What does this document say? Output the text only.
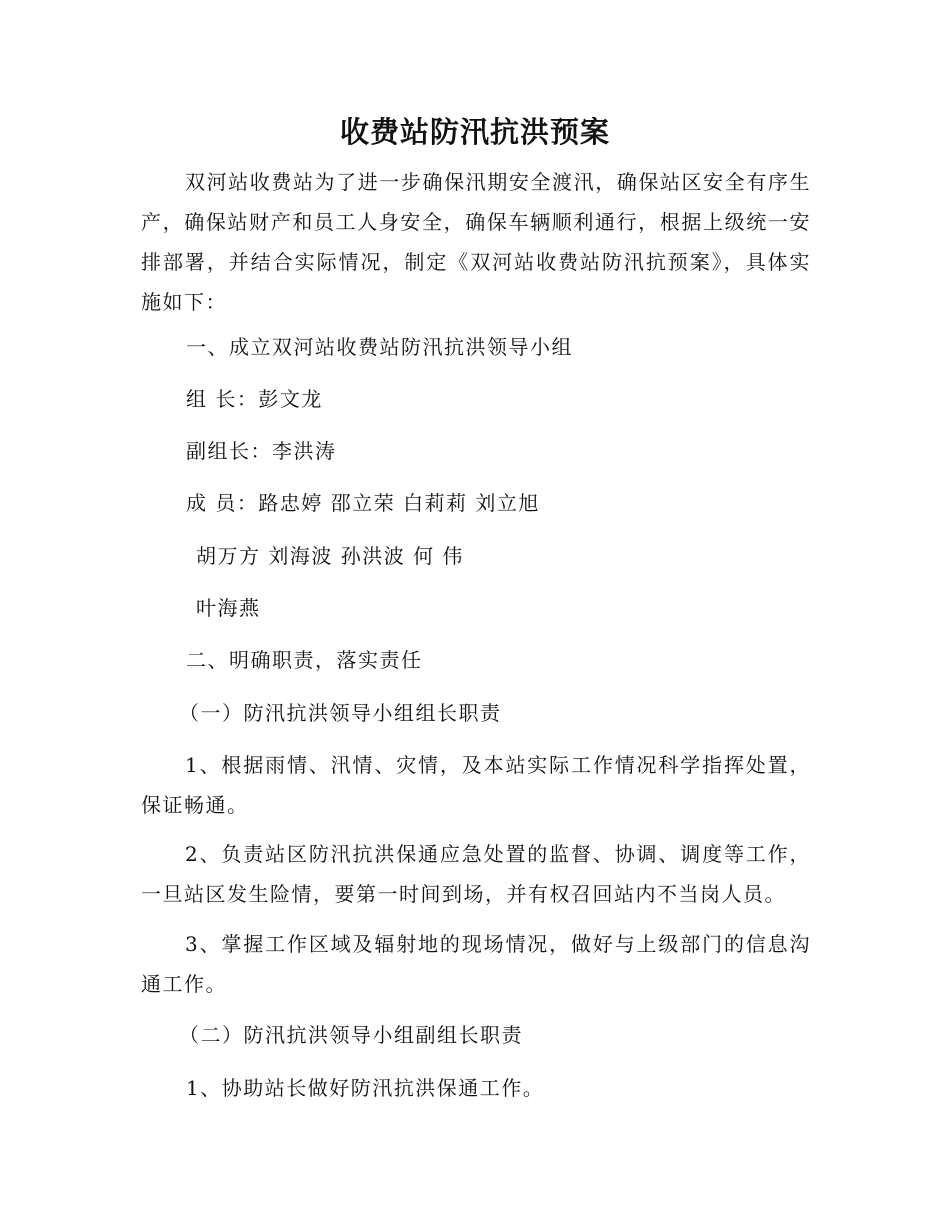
收费站防汛抗洪预案

双河站收费站为了进一步确保汛期安全渡汛，确保站区安全有序生产，确保站财产和员工人身安全，确保车辆顺利通行，根据上级统一安排部署，并结合实际情况，制定《双河站收费站防汛抗预案》，具体实施如下：

一、成立双河站收费站防汛抗洪领导小组

组 长：彭文龙

副组长：李洪涛

成 员：路忠婷 邵立荣 白莉莉 刘立旭

胡万方 刘海波 孙洪波 何 伟

叶海燕

二、明确职责，落实责任

（一）防汛抗洪领导小组组长职责

1、根据雨情、汛情、灾情，及本站实际工作情况科学指挥处置，保证畅通。

2、负责站区防汛抗洪保通应急处置的监督、协调、调度等工作，一旦站区发生险情，要第一时间到场，并有权召回站内不当岗人员。

3、掌握工作区域及辐射地的现场情况，做好与上级部门的信息沟通工作。

（二）防汛抗洪领导小组副组长职责

1、协助站长做好防汛抗洪保通工作。
